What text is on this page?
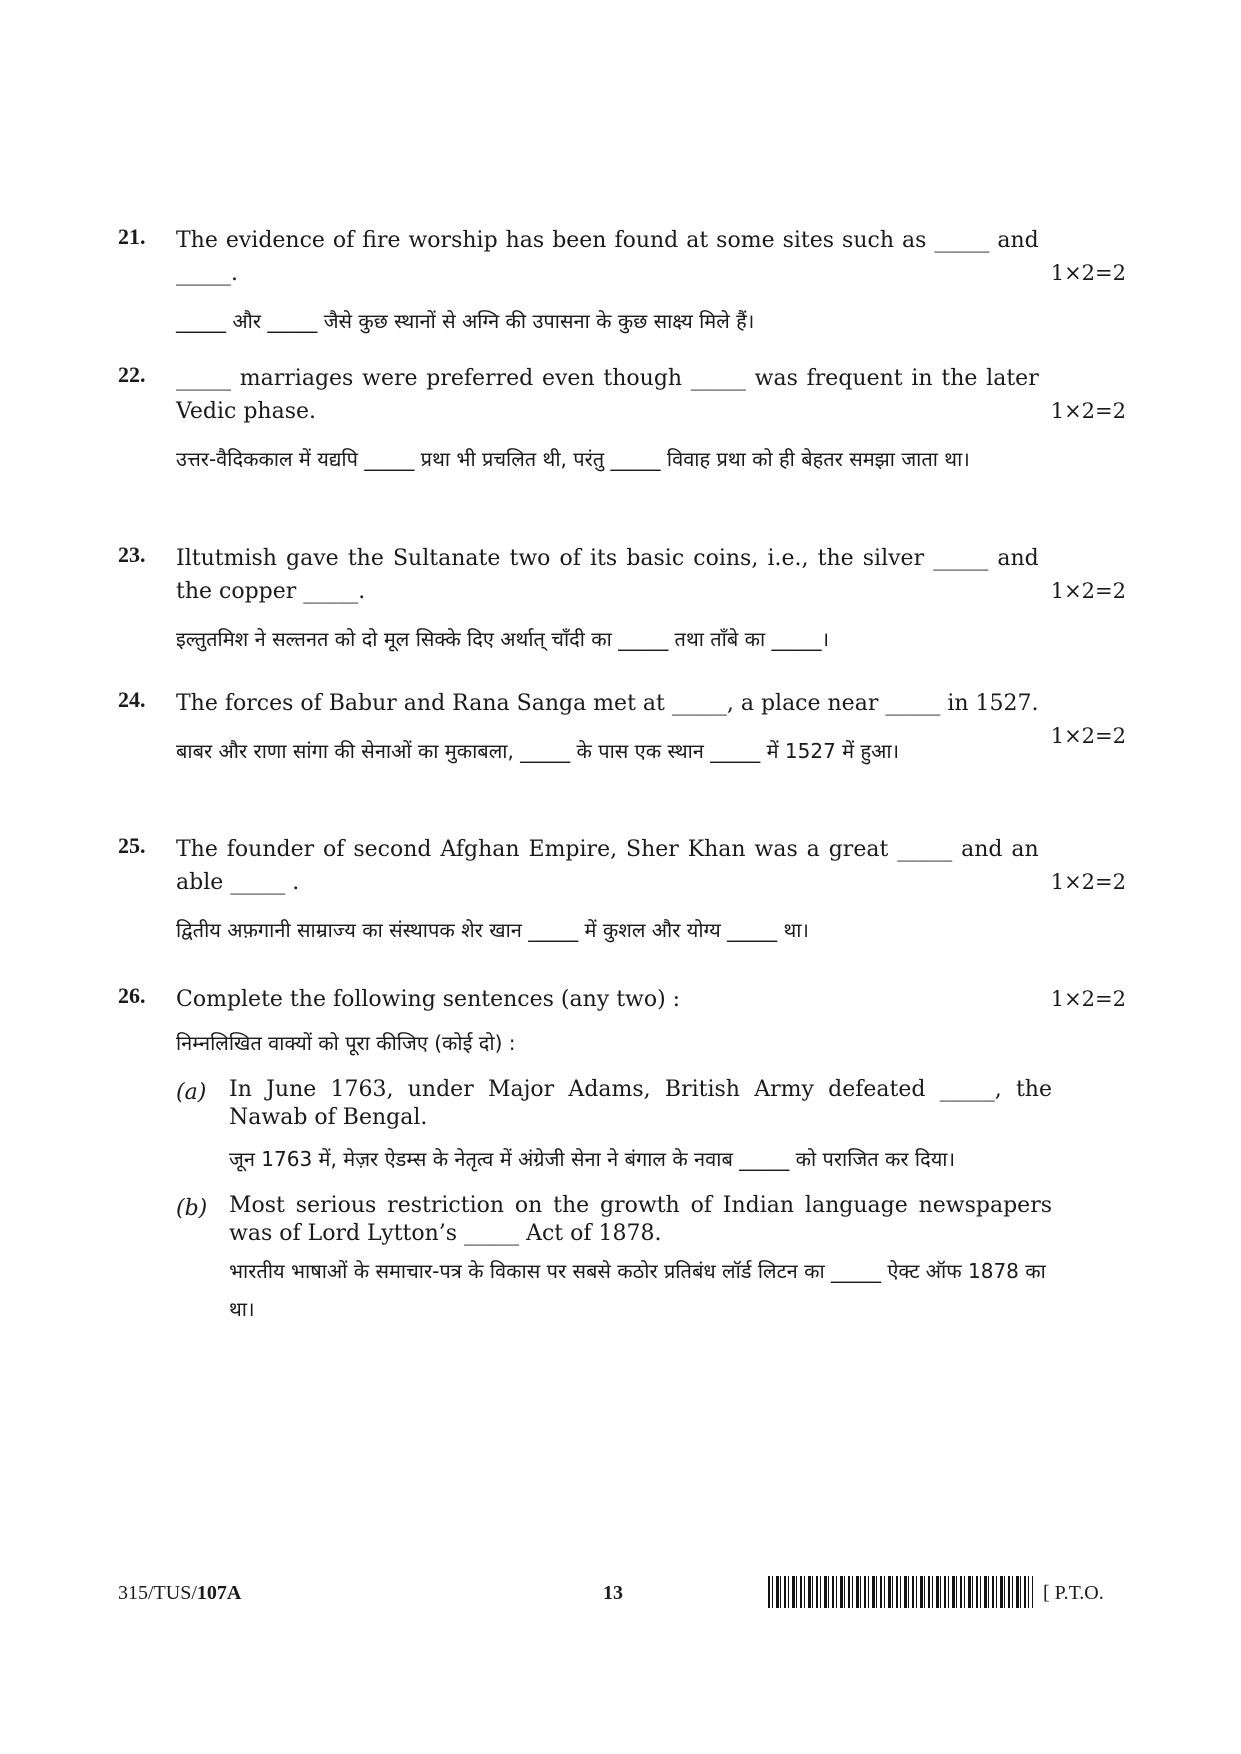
21.
1×2=2
The evidence of fire worship has been found at some sites such as _____ and _____.
_____ और _____ जैसे कुछ स्थानों से अग्नि की उपासना के कुछ साक्ष्य मिले हैं।
22.
1×2=2
_____ marriages were preferred even though _____ was frequent in the later Vedic phase.
उत्तर-वैदिककाल में यद्यपि _____ प्रथा भी प्रचलित थी, परंतु _____ विवाह प्रथा को ही बेहतर समझा जाता था।
23.
1×2=2
Iltutmish gave the Sultanate two of its basic coins, i.e., the silver _____ and the copper _____.
इल्तुतमिश ने सल्तनत को दो मूल सिक्के दिए अर्थात् चाँदी का _____ तथा ताँबे का _____।
24.
1×2=2
The forces of Babur and Rana Sanga met at _____, a place near _____ in 1527.
बाबर और राणा सांगा की सेनाओं का मुकाबला, _____ के पास एक स्थान _____ में 1527 में हुआ।
25.
1×2=2
The founder of second Afghan Empire, Sher Khan was a great _____ and an able _____ .
द्वितीय अफ़गानी साम्राज्य का संस्थापक शेर खान _____ में कुशल और योग्य _____ था।
26.	1×2=2
Complete the following sentences (any two) :
निम्नलिखित वाक्यों को पूरा कीजिए (कोई दो) :
(a) In June 1763, under Major Adams, British Army defeated _____, the Nawab of Bengal.
जून 1763 में, मेज़र ऐडम्स के नेतृत्व में अंग्रेजी सेना ने बंगाल के नवाब _____ को पराजित कर दिया।
(b) Most serious restriction on the growth of Indian language newspapers was of Lord Lytton’s _____ Act of 1878.
भारतीय भाषाओं के समाचार-पत्र के विकास पर सबसे कठोर प्रतिबंध लॉर्ड लिटन का _____ ऐक्ट ऑफ 1878 का था।
315/TUS/107A	13	[ P.T.O.
